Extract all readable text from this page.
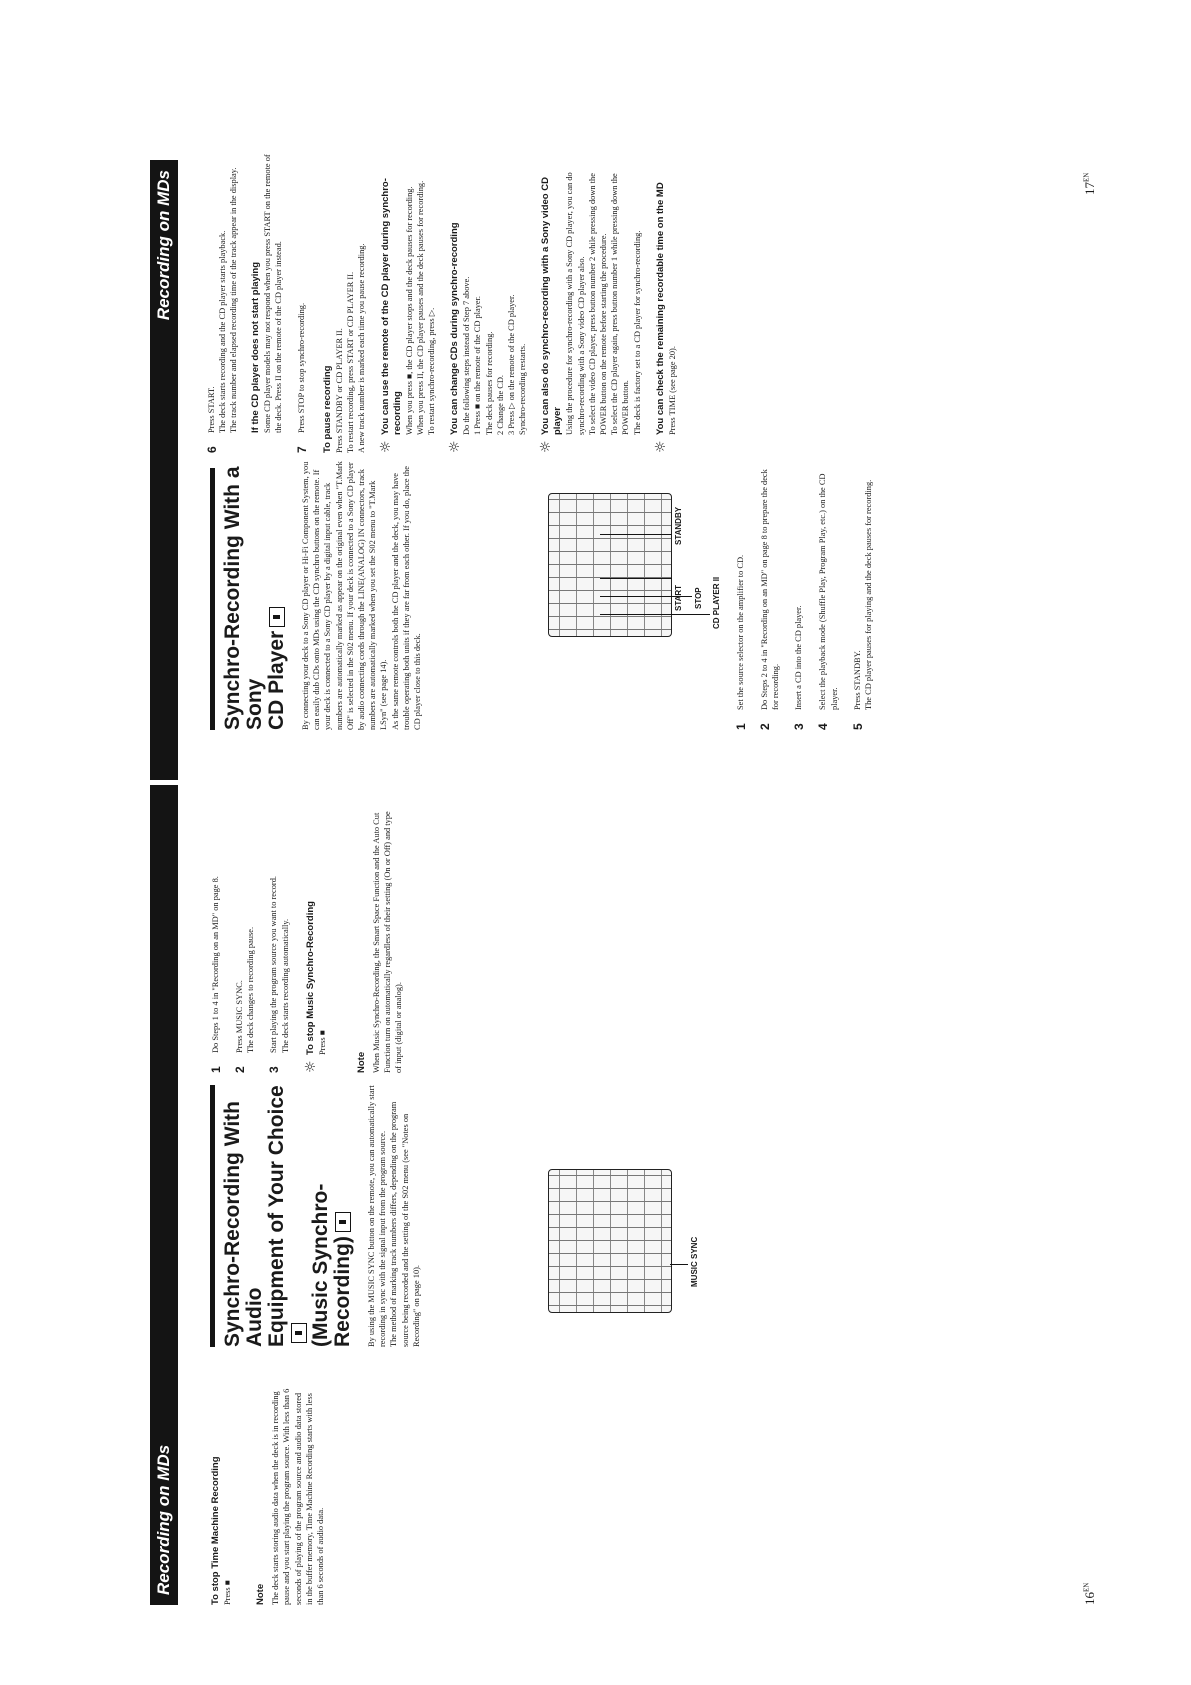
Recording on MDs
$16^{EN}$

To stop Time Machine Recording Press ■ Note The deck starts storing audio data when the deck is in recording pause and you start playing the program source. With less than 6 seconds of playing of the program source and audio data stored in the buffer memory, Time Machine Recording starts with less than 6 seconds of audio data.

Synchro-Recording With Audio Equipment of Your Choice	(Music Synchro-Recording) By using the MUSIC SYNC button on the remote, you can automatically start recording in sync with the signal input from the program source.
The method of marking track numbers differs, depending on the program source being recorded and the setting of the S02 menu (see "Notes on Recording" on page 10).	MUSIC SYNC
1
Do Steps 1 to 4 in "Recording on an MD" on page 8.
2
Press MUSIC SYNC.
The deck changes to recording pause.
3
Start playing the program source you want to record.
The deck starts recording automatically.
☼

To stop Music Synchro-Recording Press ■

Note When Music Synchro-Recording, the Smart Space Function and the Auto Cut Function turn on automatically regardless of their setting (On or Off) and type of input (digital or analog).

Recording on MDs	$17^{EN}$

Synchro-Recording With a Sony CD Player By connecting your deck to a Sony CD player or Hi-Fi Component System, you can easily dub CDs onto MDs using the CD synchro buttons on the remote. If your deck is connected to a Sony CD player by a digital input cable, track numbers are automatically marked as appear on the original even when "T.Mark Off" is selected in the S02 menu. If your deck is connected to a Sony CD player by audio connecting cords through the LINE(ANALOG) IN connectors, track numbers are automatically marked when you set the S02 menu to "T.Mark LSyn" (see page 14).
As the same remote controls both the CD player and the deck, you may have trouble operating both units if they are far from each other. If you do, place the CD player close to this deck.

CD PLAYER II
STOP
START
STANDBY
6
Press START.
The deck starts recording and the CD player starts playback.
The track number and elapsed recording time of the track appear in the display.

If the CD player does not start playing Some CD player models may not respond when you press START on the remote of the deck. Press II on the remote of the CD player instead.

7
Press STOP to stop synchro-recording. To pause recording Press STANDBY or CD PLAYER II.
To restart recording, press START or CD PLAYER II.
A new track number is marked each time you pause recording.

☼

You can use the remote of the CD player during synchro-recording When you press ■, the CD player stops and the deck pauses for recording.
When you press II, the CD player pauses and the deck pauses for recording.
To restart synchro-recording, press ▷.

☼

You can change CDs during synchro-recording Do the following steps instead of Step 7 above.
1 Press ■ on the remote of the CD player.
The deck pauses for recording.
2 Change the CD.
3 Press ▷ on the remote of the CD player.
Synchro-recording restarts.

☼

You can also do synchro-recording with a Sony video CD player Using the procedure for synchro-recording with a Sony CD player, you can do synchro-recording with a Sony video CD player also.
To select the video CD player, press button number 2 while pressing down the POWER button on the remote before starting the procedure.
To select the CD player again, press button number 1 while pressing down the POWER button.
The deck is factory set to a CD player for synchro-recording.

☼

You can check the remaining recordable time on the MD Press TIME (see page 20).

1
Set the source selector on the amplifier to CD.
2
Do Steps 2 to 4 in "Recording on an MD" on page 8 to prepare the deck for recording.
3
Insert a CD into the CD player.
4
Select the playback mode (Shuffle Play, Program Play, etc.) on the CD player.
5
Press STANDBY.
The CD player pauses for playing and the deck pauses for recording.
